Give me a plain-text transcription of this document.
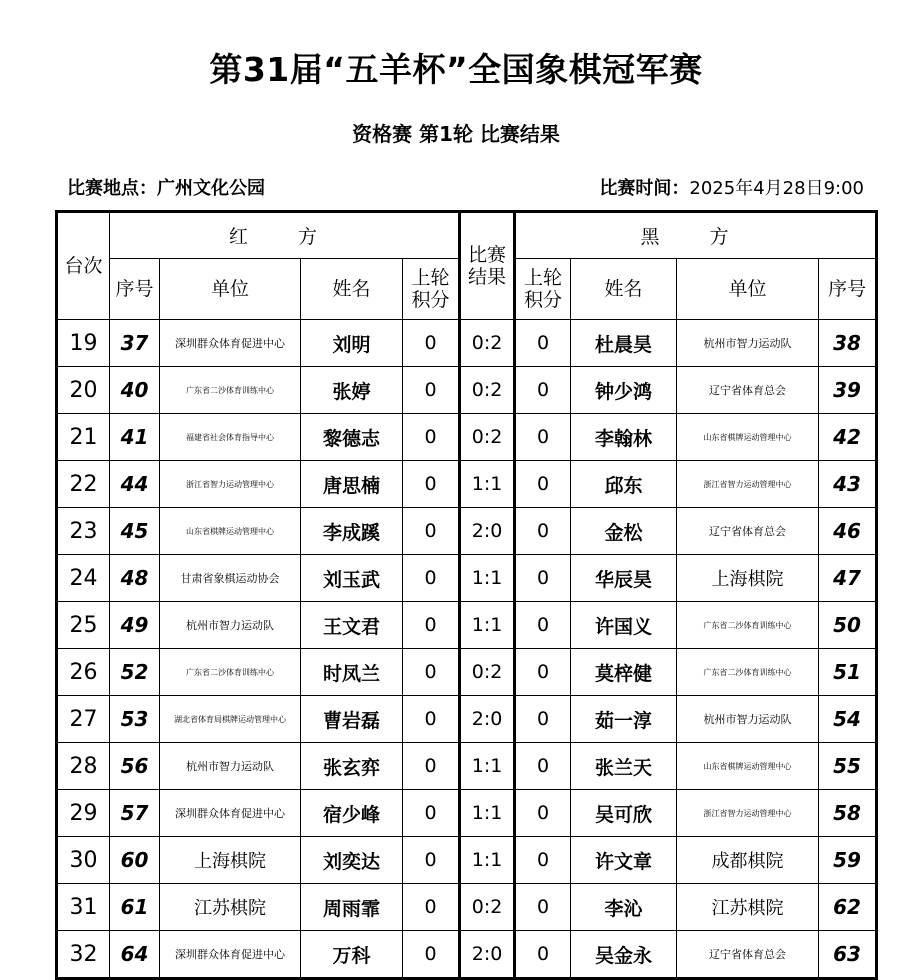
第31届“五羊杯”全国象棋冠军赛
资格赛 第1轮 比赛结果
比赛地点：广州文化公园	比赛时间：2025年4月28日9:00
台次	红 方				比赛结果	黑 方			
	序号	单位	姓名	上轮积分		上轮积分	姓名	单位	序号
19	37	深圳群众体育促进中心	刘明	0	0:2	0	杜晨昊	杭州市智力运动队	38
20	40	广东省二沙体育训练中心	张婷	0	0:2	0	钟少鸿	辽宁省体育总会	39
21	41	福建省社会体育指导中心	黎德志	0	0:2	0	李翰林	山东省棋牌运动管理中心	42
22	44	浙江省智力运动管理中心	唐思楠	0	1:1	0	邱东	浙江省智力运动管理中心	43
23	45	山东省棋牌运动管理中心	李成蹊	0	2:0	0	金松	辽宁省体育总会	46
24	48	甘肃省象棋运动协会	刘玉武	0	1:1	0	华辰昊	上海棋院	47
25	49	杭州市智力运动队	王文君	0	1:1	0	许国义	广东省二沙体育训练中心	50
26	52	广东省二沙体育训练中心	时凤兰	0	0:2	0	莫梓健	广东省二沙体育训练中心	51
27	53	湖北省体育局棋牌运动管理中心	曹岩磊	0	2:0	0	茹一淳	杭州市智力运动队	54
28	56	杭州市智力运动队	张玄弈	0	1:1	0	张兰天	山东省棋牌运动管理中心	55
29	57	深圳群众体育促进中心	宿少峰	0	1:1	0	吴可欣	浙江省智力运动管理中心	58
30	60	上海棋院	刘奕达	0	1:1	0	许文章	成都棋院	59
31	61	江苏棋院	周雨霏	0	0:2	0	李沁	江苏棋院	62
32	64	深圳群众体育促进中心	万科	0	2:0	0	吴金永	辽宁省体育总会	63
